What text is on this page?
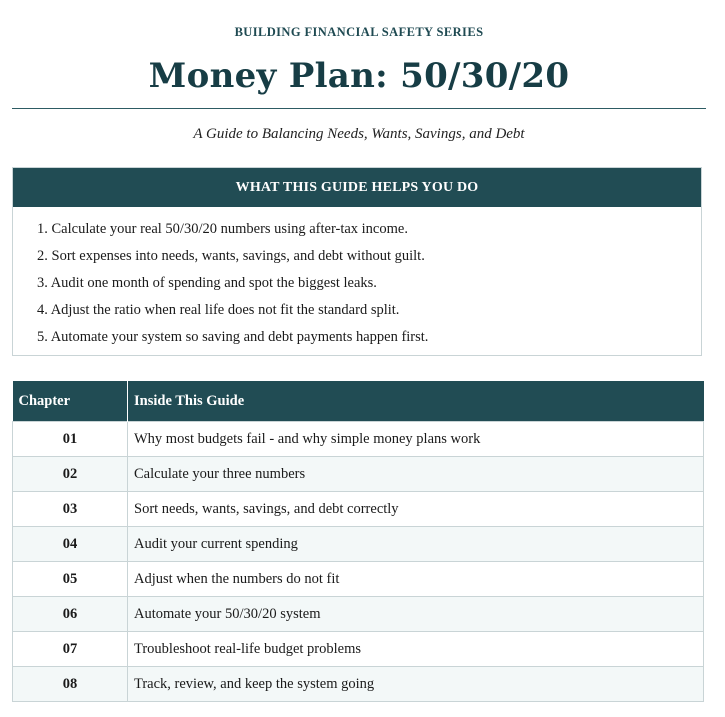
BUILDING FINANCIAL SAFETY SERIES
Money Plan: 50/30/20
A Guide to Balancing Needs, Wants, Savings, and Debt
WHAT THIS GUIDE HELPS YOU DO
1. Calculate your real 50/30/20 numbers using after-tax income.
2. Sort expenses into needs, wants, savings, and debt without guilt.
3. Audit one month of spending and spot the biggest leaks.
4. Adjust the ratio when real life does not fit the standard split.
5. Automate your system so saving and debt payments happen first.
Chapter	Inside This Guide
01	Why most budgets fail - and why simple money plans work
02	Calculate your three numbers
03	Sort needs, wants, savings, and debt correctly
04	Audit your current spending
05	Adjust when the numbers do not fit
06	Automate your 50/30/20 system
07	Troubleshoot real-life budget problems
08	Track, review, and keep the system going
